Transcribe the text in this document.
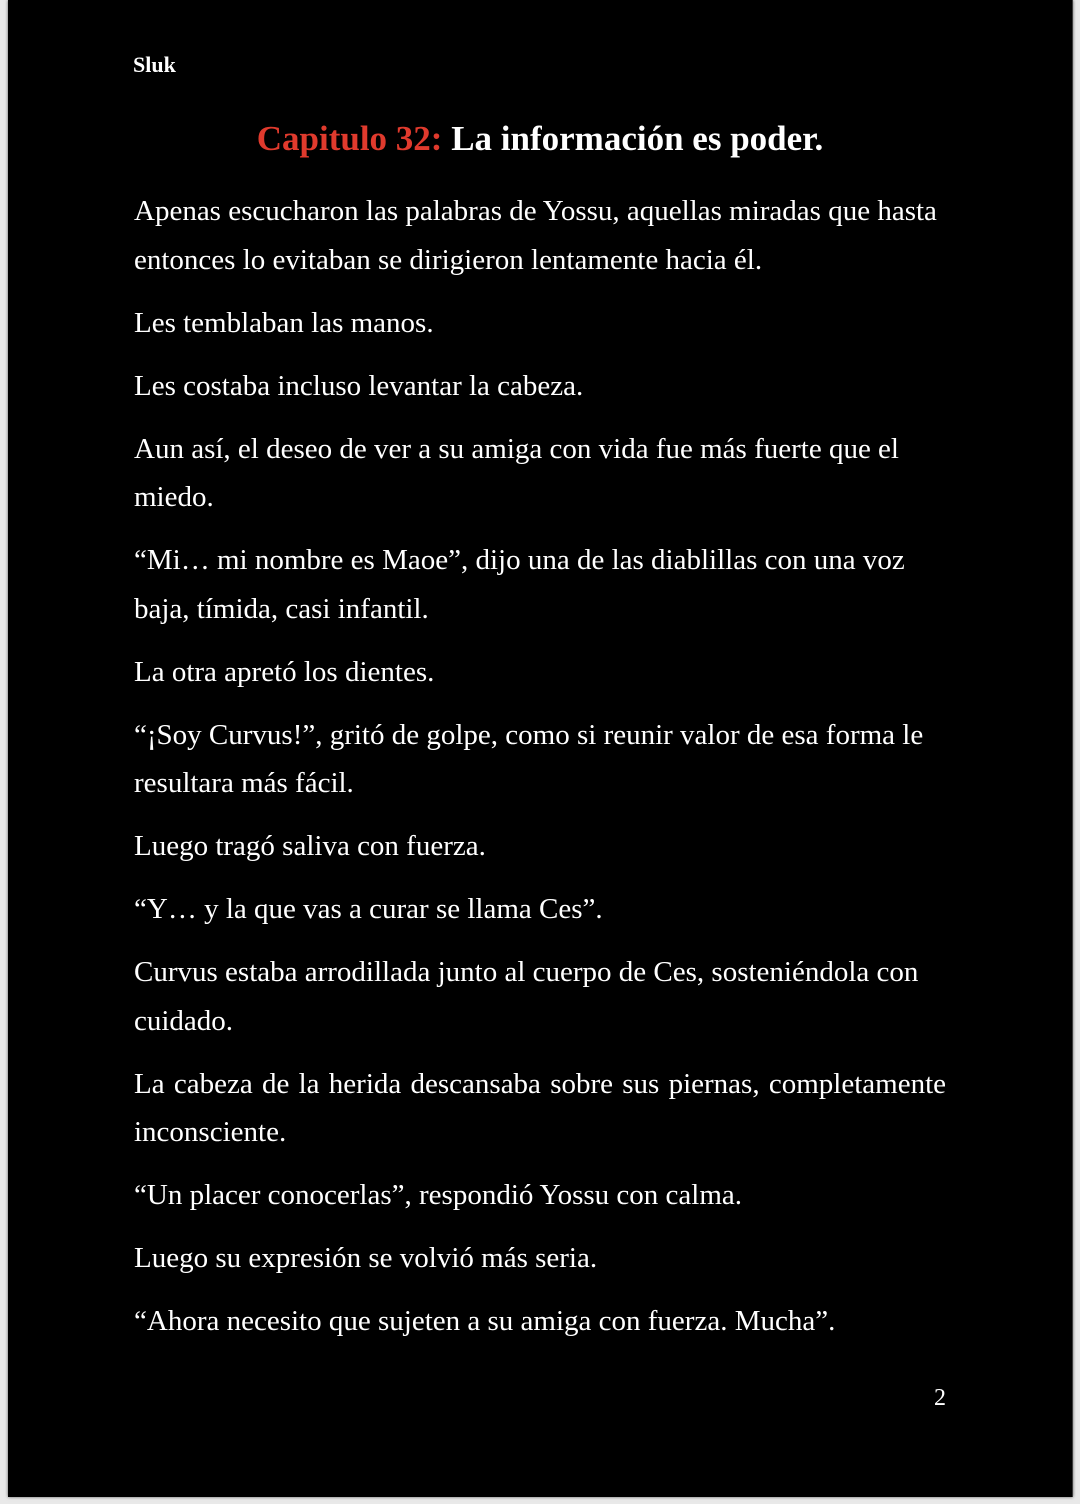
Sluk
Capitulo 32: La información es poder.

Apenas escucharon las palabras de Yossu, aquellas miradas que hasta entonces lo evitaban se dirigieron lentamente hacia él.

Les temblaban las manos.

Les costaba incluso levantar la cabeza.

Aun así, el deseo de ver a su amiga con vida fue más fuerte que el miedo.

“Mi… mi nombre es Maoe”, dijo una de las diablillas con una voz baja, tímida, casi infantil.

La otra apretó los dientes.

“¡Soy Curvus!”, gritó de golpe, como si reunir valor de esa forma le resultara más fácil.

Luego tragó saliva con fuerza.

“Y… y la que vas a curar se llama Ces”.

Curvus estaba arrodillada junto al cuerpo de Ces, sosteniéndola con cuidado.

La cabeza de la herida descansaba sobre sus piernas, completamente inconsciente.

“Un placer conocerlas”, respondió Yossu con calma.

Luego su expresión se volvió más seria.

“Ahora necesito que sujeten a su amiga con fuerza. Mucha”.

2
